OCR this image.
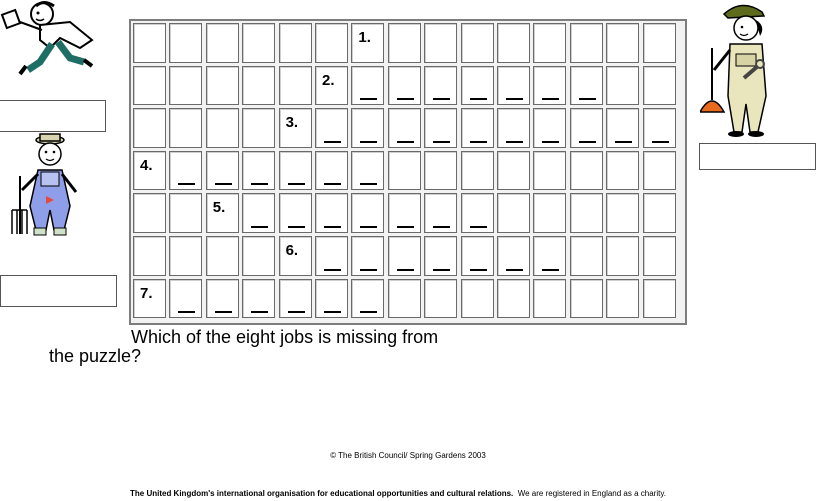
1.
2.
3.
4.
5.
6.
7.
Which of the eight jobs is missing from
the puzzle?
© The British Council/ Spring Gardens 2003
The United Kingdom's international organisation for educational opportunities and cultural relations. We are registered in England as a charity.
